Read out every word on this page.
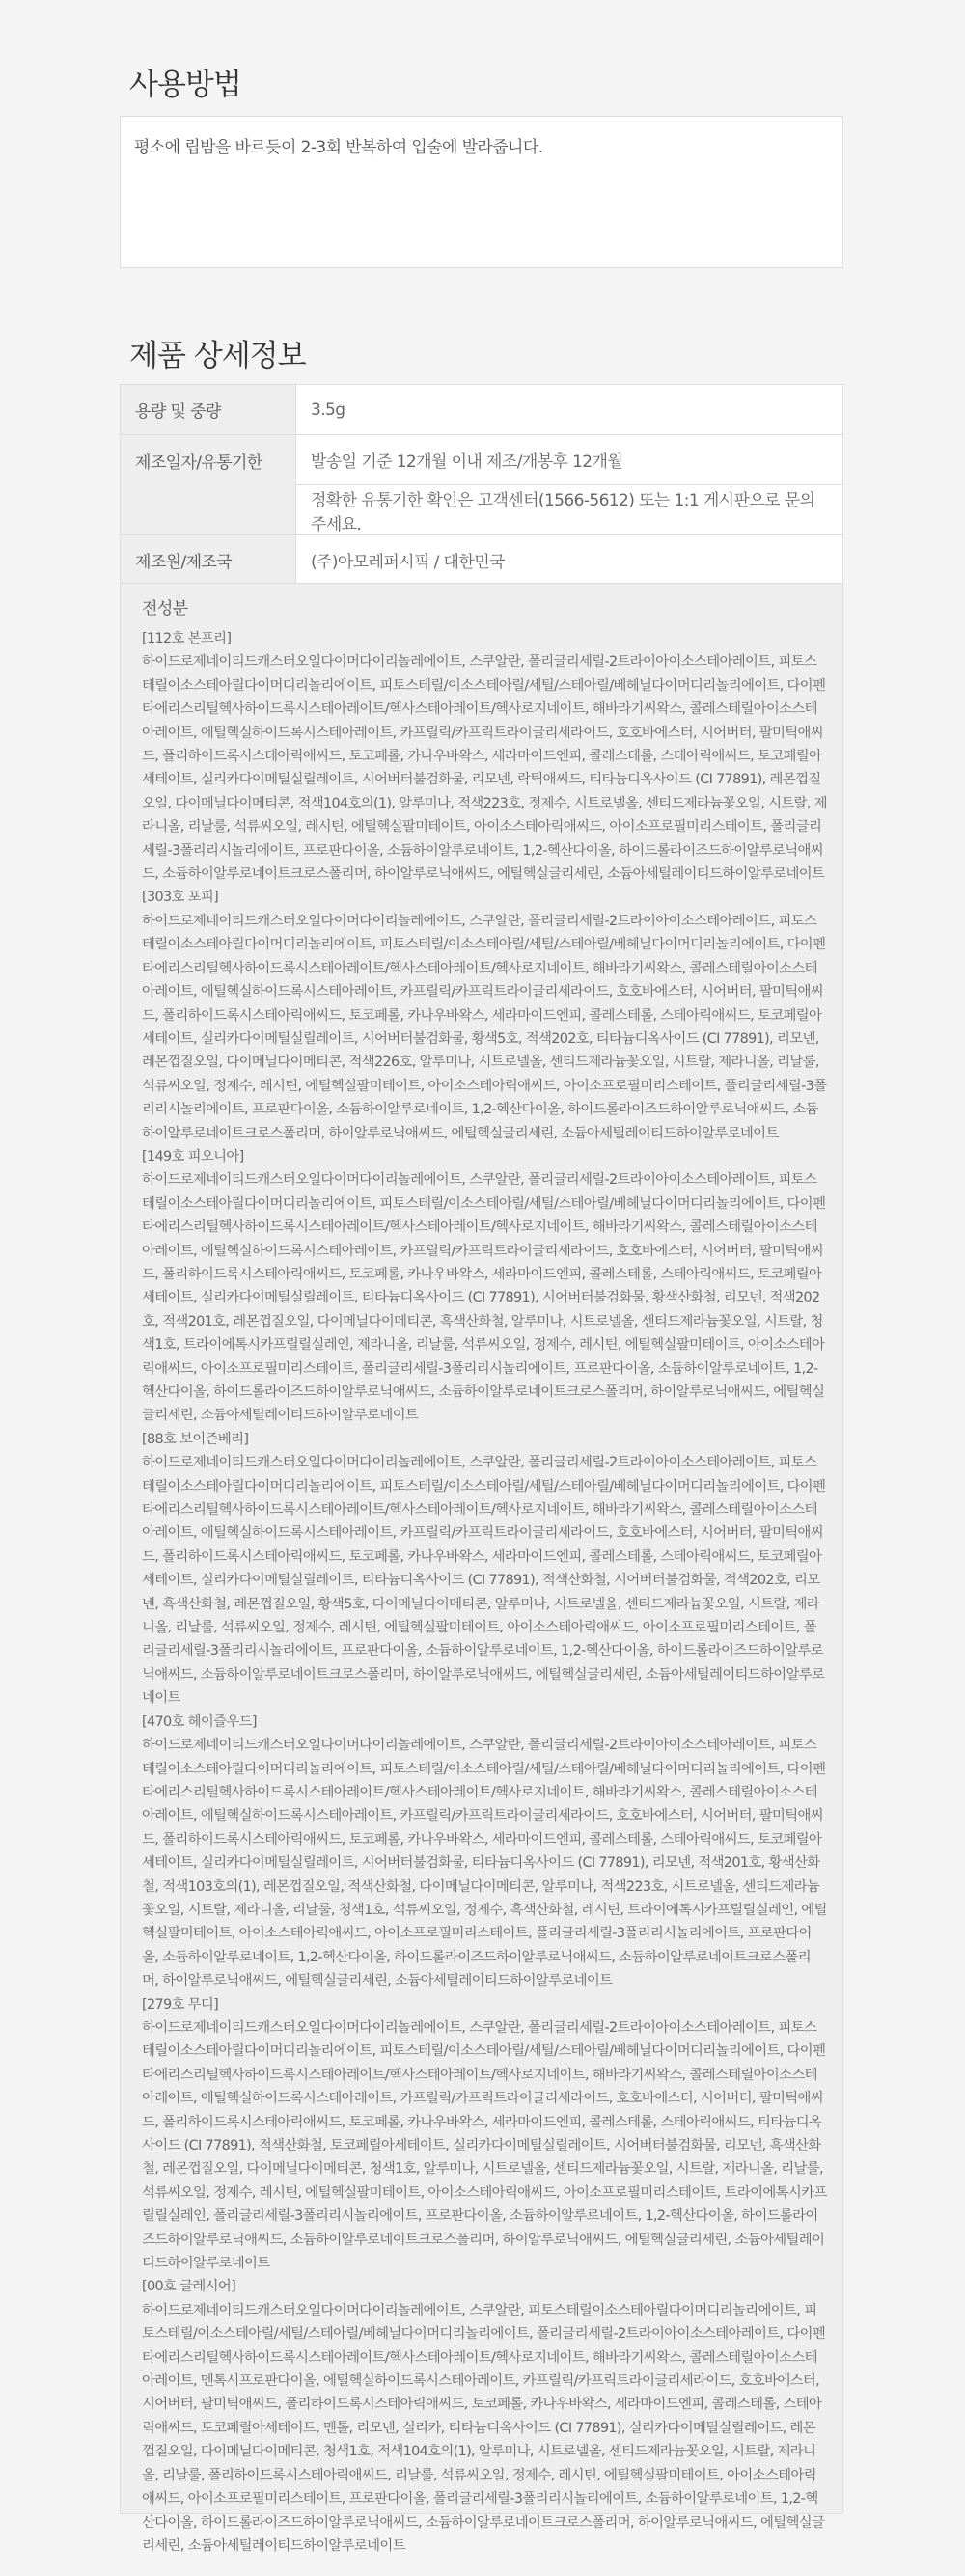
사용방법
평소에 립밤을 바르듯이 2-3회 반복하여 입술에 발라줍니다.
제품 상세정보
용량 및 중량	3.5g
제조일자/유통기한	발송일 기준 12개월 이내 제조/개봉후 12개월
	정확한 유통기한 확인은 고객센터(1566-5612) 또는 1:1 게시판으로 문의주세요.
제조원/제조국	(주)아모레퍼시픽 / 대한민국
전성분
[112호 본프리]
하이드로제네이티드캐스터오일다이머다이리놀레에이트, 스쿠알란, 폴리글리세릴-2트라이아이소스테아레이트, 피토스테릴이소스테아릴다이머디리놀리에이트, 피토스테릴/이소스테아릴/세틸/스테아릴/베헤닐다이머디리놀리에이트, 다이펜타에리스리틸헥사하이드록시스테아레이트/헥사스테아레이트/헥사로지네이트, 해바라기씨왁스, 콜레스테릴아이소스테아레이트, 에틸헥실하이드록시스테아레이트, 카프릴릭/카프릭트라이글리세라이드, 호호바에스터, 시어버터, 팔미틱애씨드, 폴리하이드록시스테아릭애씨드, 토코페롤, 카나우바왁스, 세라마이드엔피, 콜레스테롤, 스테아릭애씨드, 토코페릴아세테이트, 실리카다이메틸실릴레이트, 시어버터불검화물, 리모넨, 락틱애씨드, 티타늄디옥사이드 (CI 77891), 레몬껍질오일, 다이메닐다이메티콘, 적색104호의(1), 알루미나, 적색223호, 정제수, 시트로넬올, 센티드제라늄꽃오일, 시트랄, 제라니올, 리날룰, 석류씨오일, 레시틴, 에틸헥실팔미테이트, 아이소스테아릭애씨드, 아이소프로필미리스테이트, 폴리글리세릴-3폴리리시놀리에이트, 프로판다이올, 소듐하이알루로네이트, 1,2-헥산다이올, 하이드롤라이즈드하이알루로닉애씨드, 소듐하이알루로네이트크로스폴리머, 하이알루로닉애씨드, 에틸헥실글리세린, 소듐아세틸레이티드하이알루로네이트
[303호 포피]
하이드로제네이티드캐스터오일다이머다이리놀레에이트, 스쿠알란, 폴리글리세릴-2트라이아이소스테아레이트, 피토스테릴이소스테아릴다이머디리놀리에이트, 피토스테릴/이소스테아릴/세틸/스테아릴/베헤닐다이머디리놀리에이트, 다이펜타에리스리틸헥사하이드록시스테아레이트/헥사스테아레이트/헥사로지네이트, 해바라기씨왁스, 콜레스테릴아이소스테아레이트, 에틸헥실하이드록시스테아레이트, 카프릴릭/카프릭트라이글리세라이드, 호호바에스터, 시어버터, 팔미틱애씨드, 폴리하이드록시스테아릭애씨드, 토코페롤, 카나우바왁스, 세라마이드엔피, 콜레스테롤, 스테아릭애씨드, 토코페릴아세테이트, 실리카다이메틸실릴레이트, 시어버터불검화물, 황색5호, 적색202호, 티타늄디옥사이드 (CI 77891), 리모넨, 레몬껍질오일, 다이메닐다이메티콘, 적색226호, 알루미나, 시트로넬올, 센티드제라늄꽃오일, 시트랄, 제라니올, 리날룰, 석류씨오일, 정제수, 레시틴, 에틸헥실팔미테이트, 아이소스테아릭애씨드, 아이소프로필미리스테이트, 폴리글리세릴-3폴리리시놀리에이트, 프로판다이올, 소듐하이알루로네이트, 1,2-헥산다이올, 하이드롤라이즈드하이알루로닉애씨드, 소듐하이알루로네이트크로스폴리머, 하이알루로닉애씨드, 에틸헥실글리세린, 소듐아세틸레이티드하이알루로네이트
[149호 피오니아]
하이드로제네이티드캐스터오일다이머다이리놀레에이트, 스쿠알란, 폴리글리세릴-2트라이아이소스테아레이트, 피토스테릴이소스테아릴다이머디리놀리에이트, 피토스테릴/이소스테아릴/세틸/스테아릴/베헤닐다이머디리놀리에이트, 다이펜타에리스리틸헥사하이드록시스테아레이트/헥사스테아레이트/헥사로지네이트, 해바라기씨왁스, 콜레스테릴아이소스테아레이트, 에틸헥실하이드록시스테아레이트, 카프릴릭/카프릭트라이글리세라이드, 호호바에스터, 시어버터, 팔미틱애씨드, 폴리하이드록시스테아릭애씨드, 토코페롤, 카나우바왁스, 세라마이드엔피, 콜레스테롤, 스테아릭애씨드, 토코페릴아세테이트, 실리카다이메틸실릴레이트, 티타늄디옥사이드 (CI 77891), 시어버터불검화물, 황색산화철, 리모넨, 적색202호, 적색201호, 레몬껍질오일, 다이메닐다이메티콘, 흑색산화철, 알루미나, 시트로넬올, 센티드제라늄꽃오일, 시트랄, 청색1호, 트라이에톡시카프릴릴실레인, 제라니올, 리날룰, 석류씨오일, 정제수, 레시틴, 에틸헥실팔미테이트, 아이소스테아릭애씨드, 아이소프로필미리스테이트, 폴리글리세릴-3폴리리시놀리에이트, 프로판다이올, 소듐하이알루로네이트, 1,2-헥산다이올, 하이드롤라이즈드하이알루로닉애씨드, 소듐하이알루로네이트크로스폴리머, 하이알루로닉애씨드, 에틸헥실글리세린, 소듐아세틸레이티드하이알루로네이트
[88호 보이즌베리]
하이드로제네이티드캐스터오일다이머다이리놀레에이트, 스쿠알란, 폴리글리세릴-2트라이아이소스테아레이트, 피토스테릴이소스테아릴다이머디리놀리에이트, 피토스테릴/이소스테아릴/세틸/스테아릴/베헤닐다이머디리놀리에이트, 다이펜타에리스리틸헥사하이드록시스테아레이트/헥사스테아레이트/헥사로지네이트, 해바라기씨왁스, 콜레스테릴아이소스테아레이트, 에틸헥실하이드록시스테아레이트, 카프릴릭/카프릭트라이글리세라이드, 호호바에스터, 시어버터, 팔미틱애씨드, 폴리하이드록시스테아릭애씨드, 토코페롤, 카나우바왁스, 세라마이드엔피, 콜레스테롤, 스테아릭애씨드, 토코페릴아세테이트, 실리카다이메틸실릴레이트, 티타늄디옥사이드 (CI 77891), 적색산화철, 시어버터불검화물, 적색202호, 리모넨, 흑색산화철, 레몬껍질오일, 황색5호, 다이메닐다이메티콘, 알루미나, 시트로넬올, 센티드제라늄꽃오일, 시트랄, 제라니올, 리날룰, 석류씨오일, 정제수, 레시틴, 에틸헥실팔미테이트, 아이소스테아릭애씨드, 아이소프로필미리스테이트, 폴리글리세릴-3폴리리시놀리에이트, 프로판다이올, 소듐하이알루로네이트, 1,2-헥산다이올, 하이드롤라이즈드하이알루로닉애씨드, 소듐하이알루로네이트크로스폴리머, 하이알루로닉애씨드, 에틸헥실글리세린, 소듐아세틸레이티드하이알루로네이트
[470호 헤이즐우드]
하이드로제네이티드캐스터오일다이머다이리놀레에이트, 스쿠알란, 폴리글리세릴-2트라이아이소스테아레이트, 피토스테릴이소스테아릴다이머디리놀리에이트, 피토스테릴/이소스테아릴/세틸/스테아릴/베헤닐다이머디리놀리에이트, 다이펜타에리스리틸헥사하이드록시스테아레이트/헥사스테아레이트/헥사로지네이트, 해바라기씨왁스, 콜레스테릴아이소스테아레이트, 에틸헥실하이드록시스테아레이트, 카프릴릭/카프릭트라이글리세라이드, 호호바에스터, 시어버터, 팔미틱애씨드, 폴리하이드록시스테아릭애씨드, 토코페롤, 카나우바왁스, 세라마이드엔피, 콜레스테롤, 스테아릭애씨드, 토코페릴아세테이트, 실리카다이메틸실릴레이트, 시어버터불검화물, 티타늄디옥사이드 (CI 77891), 리모넨, 적색201호, 황색산화철, 적색103호의(1), 레몬껍질오일, 적색산화철, 다이메닐다이메티콘, 알루미나, 적색223호, 시트로넬올, 센티드제라늄꽃오일, 시트랄, 제라니올, 리날룰, 청색1호, 석류씨오일, 정제수, 흑색산화철, 레시틴, 트라이에톡시카프릴릴실레인, 에틸헥실팔미테이트, 아이소스테아릭애씨드, 아이소프로필미리스테이트, 폴리글리세릴-3폴리리시놀리에이트, 프로판다이올, 소듐하이알루로네이트, 1,2-헥산다이올, 하이드롤라이즈드하이알루로닉애씨드, 소듐하이알루로네이트크로스폴리머, 하이알루로닉애씨드, 에틸헥실글리세린, 소듐아세틸레이티드하이알루로네이트
[279호 무디]
하이드로제네이티드캐스터오일다이머다이리놀레에이트, 스쿠알란, 폴리글리세릴-2트라이아이소스테아레이트, 피토스테릴이소스테아릴다이머디리놀리에이트, 피토스테릴/이소스테아릴/세틸/스테아릴/베헤닐다이머디리놀리에이트, 다이펜타에리스리틸헥사하이드록시스테아레이트/헥사스테아레이트/헥사로지네이트, 해바라기씨왁스, 콜레스테릴아이소스테아레이트, 에틸헥실하이드록시스테아레이트, 카프릴릭/카프릭트라이글리세라이드, 호호바에스터, 시어버터, 팔미틱애씨드, 폴리하이드록시스테아릭애씨드, 토코페롤, 카나우바왁스, 세라마이드엔피, 콜레스테롤, 스테아릭애씨드, 티타늄디옥사이드 (CI 77891), 적색산화철, 토코페릴아세테이트, 실리카다이메틸실릴레이트, 시어버터불검화물, 리모넨, 흑색산화철, 레몬껍질오일, 다이메닐다이메티콘, 청색1호, 알루미나, 시트로넬올, 센티드제라늄꽃오일, 시트랄, 제라니올, 리날룰, 석류씨오일, 정제수, 레시틴, 에틸헥실팔미테이트, 아이소스테아릭애씨드, 아이소프로필미리스테이트, 트라이에톡시카프릴릴실레인, 폴리글리세릴-3폴리리시놀리에이트, 프로판다이올, 소듐하이알루로네이트, 1,2-헥산다이올, 하이드롤라이즈드하이알루로닉애씨드, 소듐하이알루로네이트크로스폴리머, 하이알루로닉애씨드, 에틸헥실글리세린, 소듐아세틸레이티드하이알루로네이트
[00호 글레시어]
하이드로제네이티드캐스터오일다이머다이리놀레에이트, 스쿠알란, 피토스테릴이소스테아릴다이머디리놀리에이트, 피토스테릴/이소스테아릴/세틸/스테아릴/베헤닐다이머디리놀리에이트, 폴리글리세릴-2트라이아이소스테아레이트, 다이펜타에리스리틸헥사하이드록시스테아레이트/헥사스테아레이트/헥사로지네이트, 해바라기씨왁스, 콜레스테릴아이소스테아레이트, 멘톡시프로판다이올, 에틸헥실하이드록시스테아레이트, 카프릴릭/카프릭트라이글리세라이드, 호호바에스터, 시어버터, 팔미틱애씨드, 폴리하이드록시스테아릭애씨드, 토코페롤, 카나우바왁스, 세라마이드엔피, 콜레스테롤, 스테아릭애씨드, 토코페릴아세테이트, 멘톨, 리모넨, 실리카, 티타늄디옥사이드 (CI 77891), 실리카다이메틸실릴레이트, 레몬껍질오일, 다이메닐다이메티콘, 청색1호, 적색104호의(1), 알루미나, 시트로넬올, 센티드제라늄꽃오일, 시트랄, 제라니올, 리날룰, 폴리하이드록시스테아릭애씨드, 리날룰, 석류씨오일, 정제수, 레시틴, 에틸헥실팔미테이트, 아이소스테아릭애씨드, 아이소프로필미리스테이트, 프로판다이올, 폴리글리세릴-3폴리리시놀리에이트, 소듐하이알루로네이트, 1,2-헥산다이올, 하이드롤라이즈드하이알루로닉애씨드, 소듐하이알루로네이트크로스폴리머, 하이알루로닉애씨드, 에틸헥실글리세린, 소듐아세틸레이티드하이알루로네이트
